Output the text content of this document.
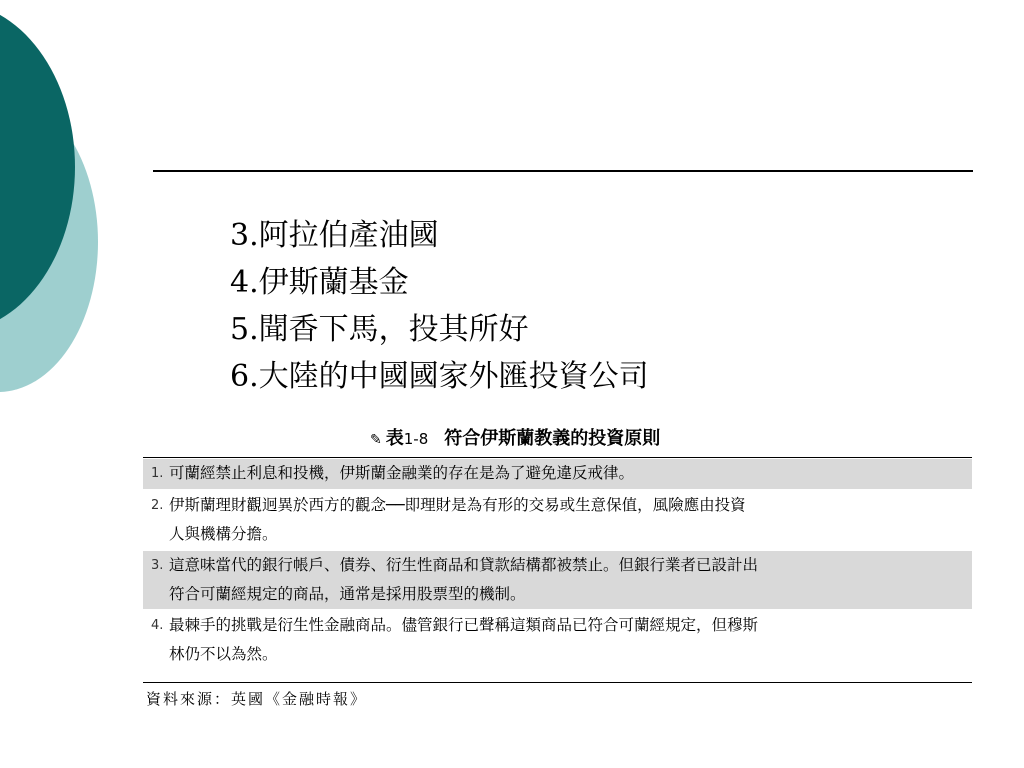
3.阿拉伯產油國
4.伊斯蘭基金
5.聞香下馬，投其所好
6.大陸的中國國家外匯投資公司
✎ 表1-8 符合伊斯蘭教義的投資原則
1. 可蘭經禁止利息和投機，伊斯蘭金融業的存在是為了避免違反戒律。
2. 伊斯蘭理財觀迥異於西方的觀念──即理財是為有形的交易或生意保值，風險應由投資
人與機構分擔。
3. 這意味當代的銀行帳戶、債券、衍生性商品和貸款結構都被禁止。但銀行業者已設計出
符合可蘭經規定的商品，通常是採用股票型的機制。
4. 最棘手的挑戰是衍生性金融商品。儘管銀行已聲稱這類商品已符合可蘭經規定，但穆斯
林仍不以為然。
資料來源：英國《金融時報》
